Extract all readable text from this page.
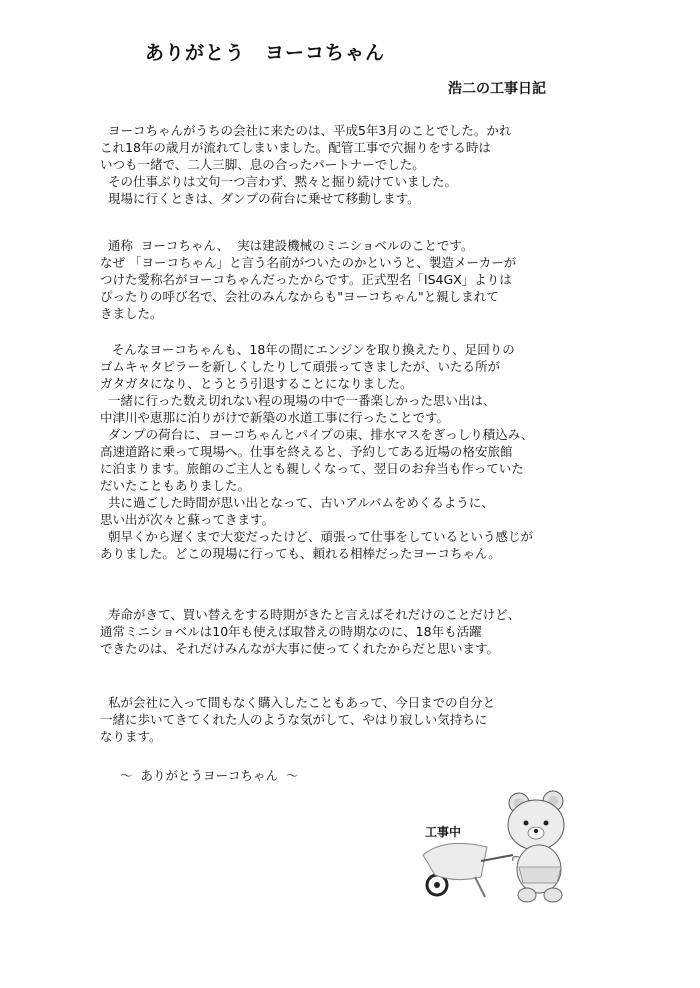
ありがとう　ヨーコちゃん
浩二の工事日記
ヨーコちゃんがうちの会社に来たのは、平成5年3月のことでした。かれ
これ18年の歳月が流れてしまいました。配管工事で穴掘りをする時は
いつも一緒で、二人三脚、息の合ったパートナーでした。
その仕事ぶりは文句一つ言わず、黙々と掘り続けていました。
現場に行くときは、ダンプの荷台に乗せて移動します。
通称  ヨーコちゃん、  実は建設機械のミニショベルのことです。
なぜ 「ヨーコちゃん」と言う名前がついたのかというと、製造メーカーが
つけた愛称名がヨーコちゃんだったからです。正式型名「IS4GX」よりは
ぴったりの呼び名で、会社のみんなからも"ヨーコちゃん"と親しまれて
きました。
そんなヨーコちゃんも、18年の間にエンジンを取り換えたり、足回りの
ゴムキャタピラーを新しくしたりして頑張ってきましたが、いたる所が
ガタガタになり、とうとう引退することになりました。
一緒に行った数え切れない程の現場の中で一番楽しかった思い出は、
中津川や恵那に泊りがけで新築の水道工事に行ったことです。
ダンプの荷台に、ヨーコちゃんとパイプの束、排水マスをぎっしり積込み、
高速道路に乗って現場へ。仕事を終えると、予約してある近場の格安旅館
に泊まります。旅館のご主人とも親しくなって、翌日のお弁当も作っていた
だいたこともありました。
共に過ごした時間が思い出となって、古いアルバムをめくるように、
思い出が次々と蘇ってきます。
朝早くから遅くまで大変だったけど、頑張って仕事をしているという感じが
ありました。どこの現場に行っても、頼れる相棒だったヨーコちゃん。
寿命がきて、買い替えをする時期がきたと言えばそれだけのことだけど、
通常ミニショベルは10年も使えば取替えの時期なのに、18年も活躍
できたのは、それだけみんなが大事に使ってくれたからだと思います。
私が会社に入って間もなく購入したこともあって、今日までの自分と
一緒に歩いてきてくれた人のような気がして、やはり寂しい気持ちに
なります。
～  ありがとうヨーコちゃん  ～
工事中
